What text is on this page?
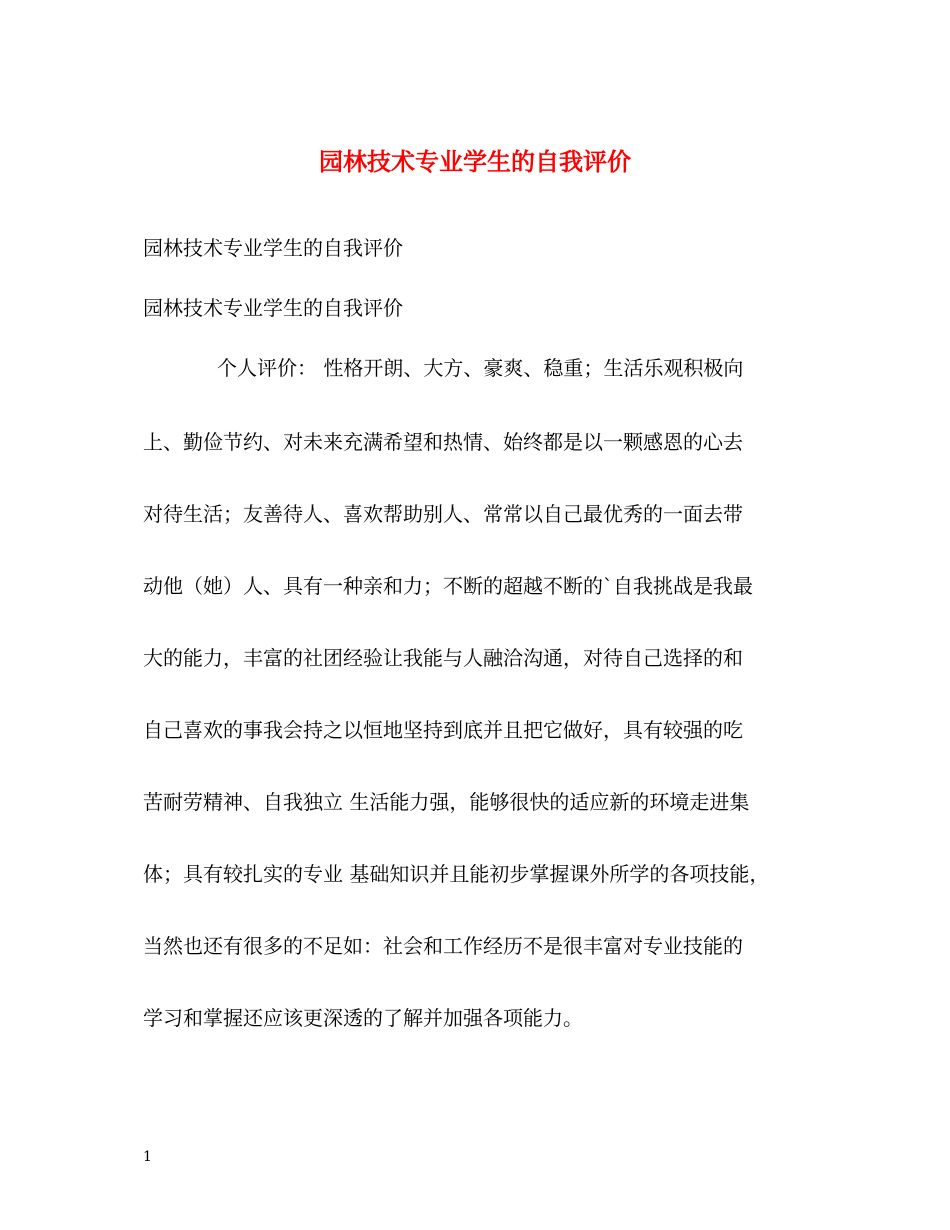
园林技术专业学生的自我评价
园林技术专业学生的自我评价
园林技术专业学生的自我评价
个人评价： 性格开朗、大方、豪爽、稳重；生活乐观积极向
上、勤俭节约、对未来充满希望和热情、始终都是以一颗感恩的心去
对待生活；友善待人、喜欢帮助别人、常常以自己最优秀的一面去带
动他（她）人、具有一种亲和力；不断的超越不断的`自我挑战是我最
大的能力，丰富的社团经验让我能与人融洽沟通，对待自己选择的和
自己喜欢的事我会持之以恒地坚持到底并且把它做好，具有较强的吃
苦耐劳精神、自我独立 生活能力强，能够很快的适应新的环境走进集
体；具有较扎实的专业 基础知识并且能初步掌握课外所学的各项技能，
当然也还有很多的不足如：社会和工作经历不是很丰富对专业技能的
学习和掌握还应该更深透的了解并加强各项能力。
1
